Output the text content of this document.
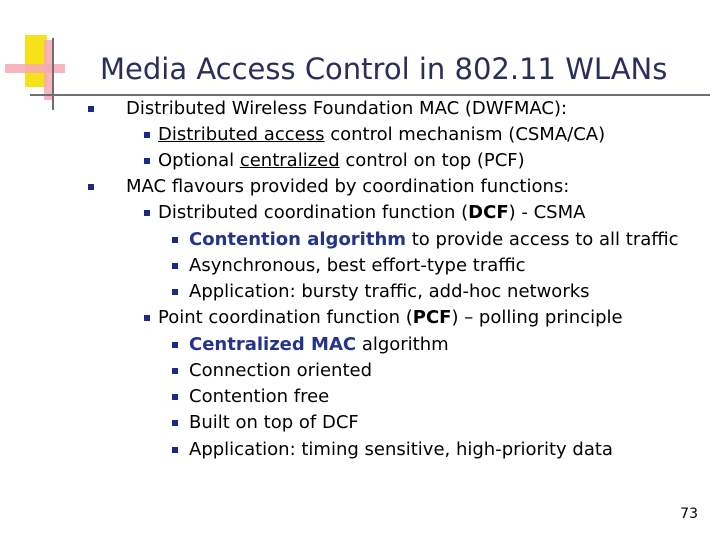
Media Access Control in 802.11 WLANs
Distributed Wireless Foundation MAC (DWFMAC):
Distributed access control mechanism (CSMA/CA)
Optional centralized control on top (PCF)
MAC flavours provided by coordination functions:
Distributed coordination function (DCF) - CSMA
Contention algorithm to provide access to all traffic
Asynchronous, best effort-type traffic
Application: bursty traffic, add-hoc networks
Point coordination function (PCF) – polling principle
Centralized MAC algorithm
Connection oriented
Contention free
Built on top of DCF
Application: timing sensitive, high-priority data
73
